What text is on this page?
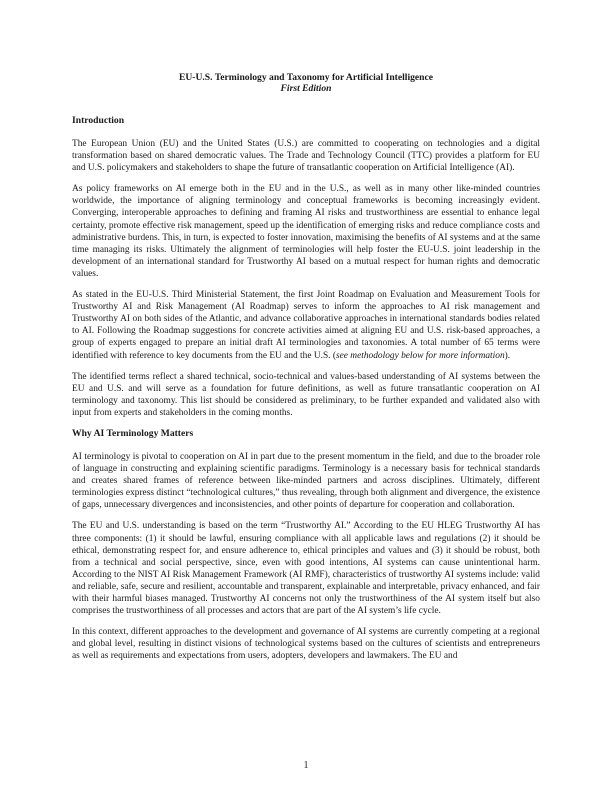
EU-U.S. Terminology and Taxonomy for Artificial Intelligence
First Edition
Introduction

The European Union (EU) and the United States (U.S.) are committed to cooperating on technologies and a digital transformation based on shared democratic values. The Trade and Technology Council (TTC) provides a platform for EU and U.S. policymakers and stakeholders to shape the future of transatlantic cooperation on Artificial Intelligence (AI).

As policy frameworks on AI emerge both in the EU and in the U.S., as well as in many other like-minded countries worldwide, the importance of aligning terminology and conceptual frameworks is becoming increasingly evident. Converging, interoperable approaches to defining and framing AI risks and trustworthiness are essential to enhance legal certainty, promote effective risk management, speed up the identification of emerging risks and reduce compliance costs and administrative burdens. This, in turn, is expected to foster innovation, maximising the benefits of AI systems and at the same time managing its risks. Ultimately the alignment of terminologies will help foster the EU-U.S. joint leadership in the development of an international standard for Trustworthy AI based on a mutual respect for human rights and democratic values.

As stated in the EU-U.S. Third Ministerial Statement, the first Joint Roadmap on Evaluation and Measurement Tools for Trustworthy AI and Risk Management (AI Roadmap) serves to inform the approaches to AI risk management and Trustworthy AI on both sides of the Atlantic, and advance collaborative approaches in international standards bodies related to AI. Following the Roadmap suggestions for concrete activities aimed at aligning EU and U.S. risk-based approaches, a group of experts engaged to prepare an initial draft AI terminologies and taxonomies. A total number of 65 terms were identified with reference to key documents from the EU and the U.S. (see methodology below for more information).

The identified terms reflect a shared technical, socio-technical and values-based understanding of AI systems between the EU and U.S. and will serve as a foundation for future definitions, as well as future transatlantic cooperation on AI terminology and taxonomy. This list should be considered as preliminary, to be further expanded and validated also with input from experts and stakeholders in the coming months.

Why AI Terminology Matters

AI terminology is pivotal to cooperation on AI in part due to the present momentum in the field, and due to the broader role of language in constructing and explaining scientific paradigms. Terminology is a necessary basis for technical standards and creates shared frames of reference between like-minded partners and across disciplines. Ultimately, different terminologies express distinct “technological cultures,” thus revealing, through both alignment and divergence, the existence of gaps, unnecessary divergences and inconsistencies, and other points of departure for cooperation and collaboration.

The EU and U.S. understanding is based on the term “Trustworthy AI.” According to the EU HLEG Trustworthy AI has three components: (1) it should be lawful, ensuring compliance with all applicable laws and regulations (2) it should be ethical, demonstrating respect for, and ensure adherence to, ethical principles and values and (3) it should be robust, both from a technical and social perspective, since, even with good intentions, AI systems can cause unintentional harm. According to the NIST AI Risk Management Framework (AI RMF), characteristics of trustworthy AI systems include: valid and reliable, safe, secure and resilient, accountable and transparent, explainable and interpretable, privacy enhanced, and fair with their harmful biases managed. Trustworthy AI concerns not only the trustworthiness of the AI system itself but also comprises the trustworthiness of all processes and actors that are part of the AI system’s life cycle.

In this context, different approaches to the development and governance of AI systems are currently competing at a regional and global level, resulting in distinct visions of technological systems based on the cultures of scientists and entrepreneurs as well as requirements and expectations from users, adopters, developers and lawmakers. The EU and

1
